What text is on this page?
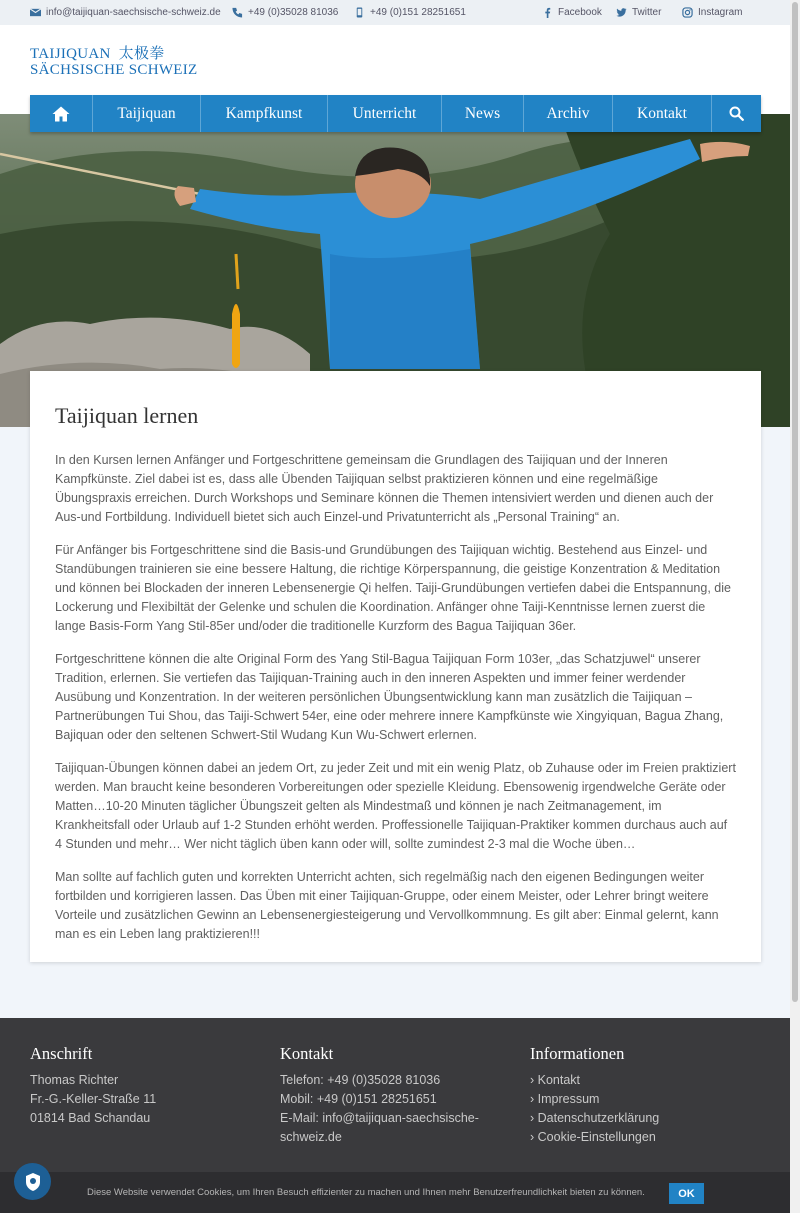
info@taijiquan-saechsische-schweiz.de	+49 (0)35028 81036	+49 (0)151 28251651	Facebook	Twitter	Instagram
TAIJIQUAN 太极拳
SÄCHSISCHE SCHWEIZ
Taijiquan	Kampfkunst	Unterricht	News	Archiv	Kontakt
Taijiquan lernen

In den Kursen lernen Anfänger und Fortgeschrittene gemeinsam die Grundlagen des Taijiquan und der Inneren Kampfkünste. Ziel dabei ist es, dass alle Übenden Taijiquan selbst praktizieren können und eine regelmäßige Übungspraxis erreichen. Durch Workshops und Seminare können die Themen intensiviert werden und dienen auch der Aus-und Fortbildung. Individuell bietet sich auch Einzel-und Privatunterricht als „Personal Training“ an.

Für Anfänger bis Fortgeschrittene sind die Basis-und Grundübungen des Taijiquan wichtig. Bestehend aus Einzel- und Standübungen trainieren sie eine bessere Haltung, die richtige Körperspannung, die geistige Konzentration & Meditation und können bei Blockaden der inneren Lebensenergie Qi helfen. Taiji-Grundübungen vertiefen dabei die Entspannung, die Lockerung und Flexibiltät der Gelenke und schulen die Koordination. Anfänger ohne Taiji-Kenntnisse lernen zuerst die lange Basis-Form Yang Stil-85er und/oder die traditionelle Kurzform des Bagua Taijiquan 36er.

Fortgeschrittene können die alte Original Form des Yang Stil-Bagua Taijiquan Form 103er, „das Schatzjuwel“ unserer Tradition, erlernen. Sie vertiefen das Taijiquan-Training auch in den inneren Aspekten und immer feiner werdender Ausübung und Konzentration. In der weiteren persönlichen Übungsentwicklung kann man zusätzlich die Taijiquan –Partnerübungen Tui Shou, das Taiji-Schwert 54er, eine oder mehrere innere Kampfkünste wie Xingyiquan, Bagua Zhang, Bajiquan oder den seltenen Schwert-Stil Wudang Kun Wu-Schwert erlernen.

Taijiquan-Übungen können dabei an jedem Ort, zu jeder Zeit und mit ein wenig Platz, ob Zuhause oder im Freien praktiziert werden. Man braucht keine besonderen Vorbereitungen oder spezielle Kleidung. Ebensowenig irgendwelche Geräte oder Matten…10-20 Minuten täglicher Übungszeit gelten als Mindestmaß und können je nach Zeitmanagement, im Krankheitsfall oder Urlaub auf 1-2 Stunden erhöht werden. Proffessionelle Taijiquan-Praktiker kommen durchaus auch auf 4 Stunden und mehr… Wer nicht täglich üben kann oder will, sollte zumindest 2-3 mal die Woche üben…

Man sollte auf fachlich guten und korrekten Unterricht achten, sich regelmäßig nach den eigenen Bedingungen weiter fortbilden und korrigieren lassen. Das Üben mit einer Taijiquan-Gruppe, oder einem Meister, oder Lehrer bringt weitere Vorteile und zusätzlichen Gewinn an Lebensenergiesteigerung und Vervollkommnung. Es gilt aber: Einmal gelernt, kann man es ein Leben lang praktizieren!!!

Anschrift
Thomas Richter
Fr.-G.-Keller-Straße 11
01814 Bad Schandau
Kontakt
Telefon: +49 (0)35028 81036
Mobil: +49 (0)151 28251651
E-Mail: info@taijiquan-saechsische-
schweiz.de
Informationen
› Kontakt
› Impressum
› Datenschutzerklärung
› Cookie-Einstellungen
Diese Website verwendet Cookies, um Ihren Besuch effizienter zu machen und Ihnen mehr Benutzerfreundlichkeit bieten zu können.	OK
